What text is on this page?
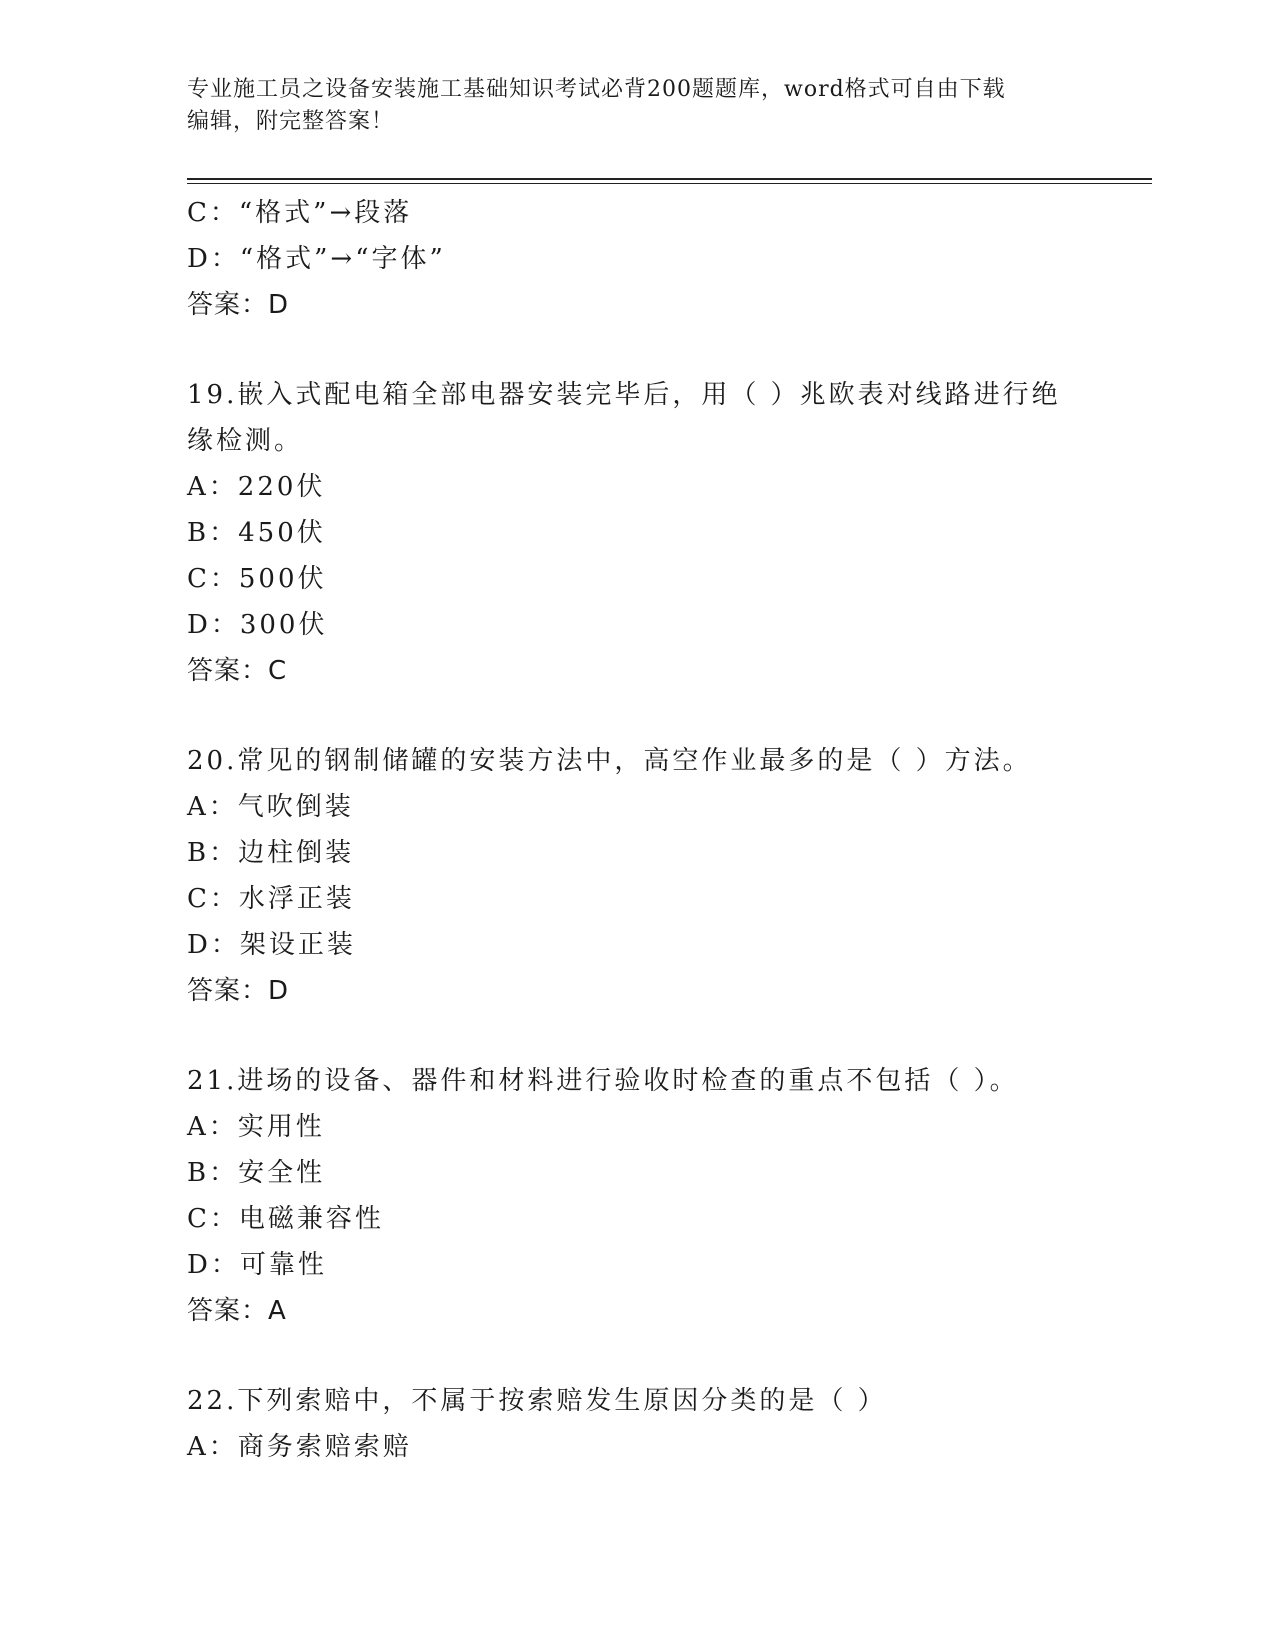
专业施工员之设备安装施工基础知识考试必背200题题库，word格式可自由下载
编辑，附完整答案！
C：“格式”→段落
D：“格式”→“字体”
答案：D
19.嵌入式配电箱全部电器安装完毕后，用（ ）兆欧表对线路进行绝
缘检测。
A：220伏
B：450伏
C：500伏
D：300伏
答案：C
20.常见的钢制储罐的安装方法中，高空作业最多的是（ ）方法。
A：气吹倒装
B：边柱倒装
C：水浮正装
D：架设正装
答案：D
21.进场的设备、器件和材料进行验收时检查的重点不包括（ ）。
A：实用性
B：安全性
C：电磁兼容性
D：可靠性
答案：A
22.下列索赔中，不属于按索赔发生原因分类的是（ ）
A：商务索赔索赔
